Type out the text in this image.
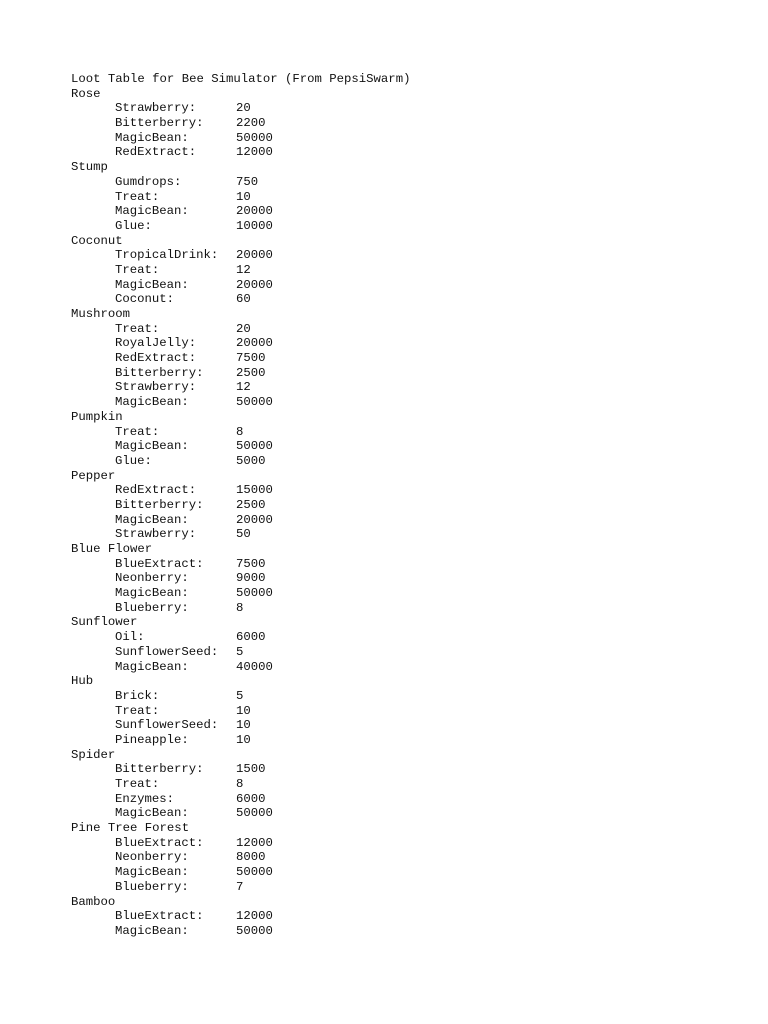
Loot Table for Bee Simulator (From PepsiSwarm)
Rose
Strawberry:	20
Bitterberry:	2200
MagicBean:	50000
RedExtract:	12000
Stump
Gumdrops:	750
Treat:	10
MagicBean:	20000
Glue:	10000
Coconut
TropicalDrink:	20000
Treat:	12
MagicBean:	20000
Coconut:	60
Mushroom
Treat:	20
RoyalJelly:	20000
RedExtract:	7500
Bitterberry:	2500
Strawberry:	12
MagicBean:	50000
Pumpkin
Treat:	8
MagicBean:	50000
Glue:	5000
Pepper
RedExtract:	15000
Bitterberry:	2500
MagicBean:	20000
Strawberry:	50
Blue Flower
BlueExtract:	7500
Neonberry:	9000
MagicBean:	50000
Blueberry:	8
Sunflower
Oil:	6000
SunflowerSeed:	5
MagicBean:	40000
Hub
Brick:	5
Treat:	10
SunflowerSeed:	10
Pineapple:	10
Spider
Bitterberry:	1500
Treat:	8
Enzymes:	6000
MagicBean:	50000
Pine Tree Forest
BlueExtract:	12000
Neonberry:	8000
MagicBean:	50000
Blueberry:	7
Bamboo
BlueExtract:	12000
MagicBean:	50000
